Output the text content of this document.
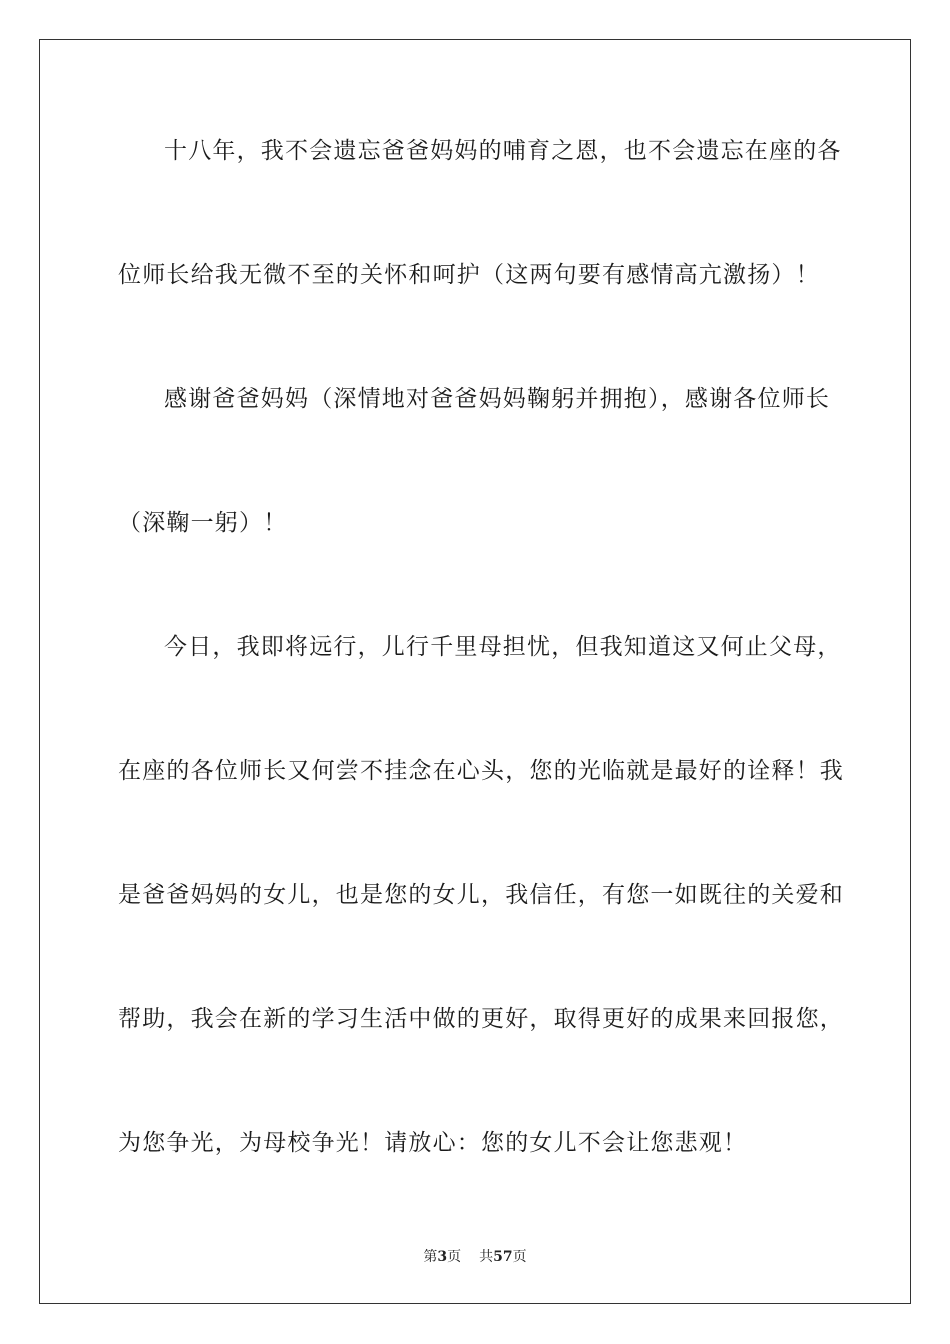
十八年，我不会遗忘爸爸妈妈的哺育之恩，也不会遗忘在座的各
位师长给我无微不至的关怀和呵护（这两句要有感情高亢激扬）！
感谢爸爸妈妈（深情地对爸爸妈妈鞠躬并拥抱），感谢各位师长
（深鞠一躬）！
今日，我即将远行，儿行千里母担忧，但我知道这又何止父母，
在座的各位师长又何尝不挂念在心头，您的光临就是最好的诠释！我
是爸爸妈妈的女儿，也是您的女儿，我信任，有您一如既往的关爱和
帮助，我会在新的学习生活中做的更好，取得更好的成果来回报您，
为您争光，为母校争光！请放心：您的女儿不会让您悲观！
第3页 共57页
